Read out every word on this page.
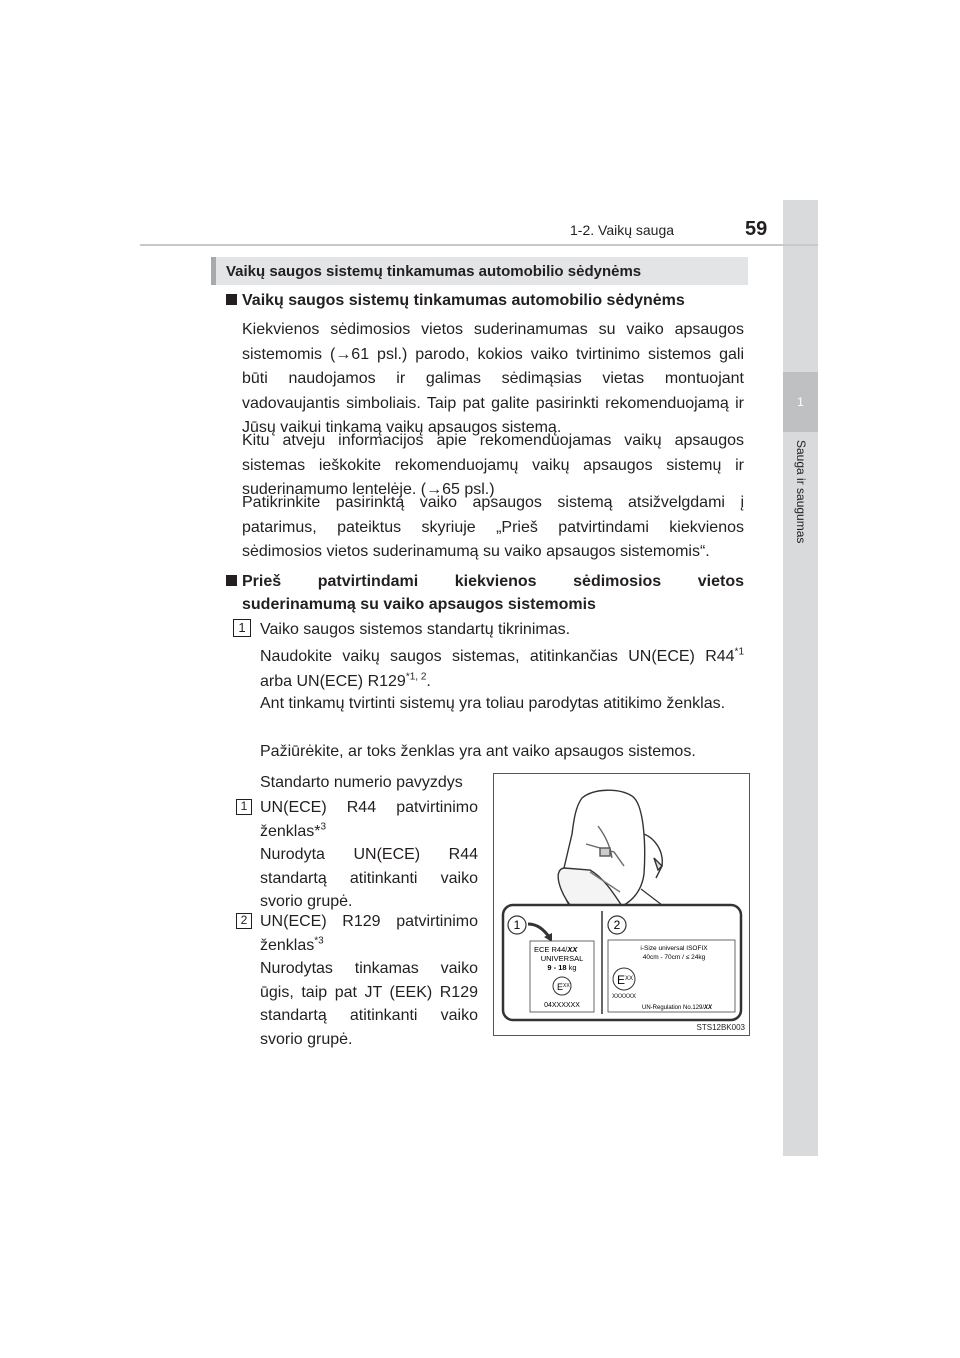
1
Sauga ir saugumas
1-2. Vaikų sauga	59
Vaikų saugos sistemų tinkamumas automobilio sėdynėms
Vaikų saugos sistemų tinkamumas automobilio sėdynėms

Kiekvienos sėdimosios vietos suderinamumas su vaiko apsaugos sistemomis (→61 psl.) parodo, kokios vaiko tvirtinimo sistemos gali būti naudojamos ir galimas sėdimąsias vietas montuojant vadovaujantis simboliais. Taip pat galite pasirinkti rekomenduojamą ir Jūsų vaikui tinkamą vaikų apsaugos sistemą.

Kitu atveju informacijos apie rekomenduojamas vaikų apsaugos sistemas ieškokite rekomenduojamų vaikų apsaugos sistemų ir suderinamumo lentelėje. (→65 psl.)

Patikrinkite pasirinktą vaiko apsaugos sistemą atsižvelgdami į patarimus, pateiktus skyriuje „Prieš patvirtindami kiekvienos sėdimosios vietos suderinamumą su vaiko apsaugos sistemomis“.

Prieš patvirtindami kiekvienos sėdimosios vietos
suderinamumą su vaiko apsaugos sistemomis
1 Vaiko saugos sistemos standartų tikrinimas.

Naudokite vaikų saugos sistemas, atitinkančias UN(ECE) R44$^{*1}$ arba UN(ECE) R129$^{*1, 2}$.

Ant tinkamų tvirtinti sistemų yra toliau parodytas atitikimo ženklas.

Pažiūrėkite, ar toks ženklas yra ant vaiko apsaugos sistemos.

Standarto numerio pavyzdys

1 UN(ECE) R44 patvirtinimo ženklas*$^3$
Nurodyta UN(ECE) R44 standartą atitinkanti vaiko svorio grupė.

2 UN(ECE) R129 patvirtinimo ženklas$^{*3}$
Nurodytas tinkamas vaiko ūgis, taip pat JT (EEK) R129 standartą atitinkanti vaiko svorio grupė.

1	2
ECE R44/XX
UNIVERSAL
9 - 18 kg
$E^{XX}$
04XXXXXX
i-Size universal ISOFIX
40cm - 70cm / ≤ 24kg
$E^{XX}$
XXXXXX
UN-Regulation No.129/XX
STS12BK003
